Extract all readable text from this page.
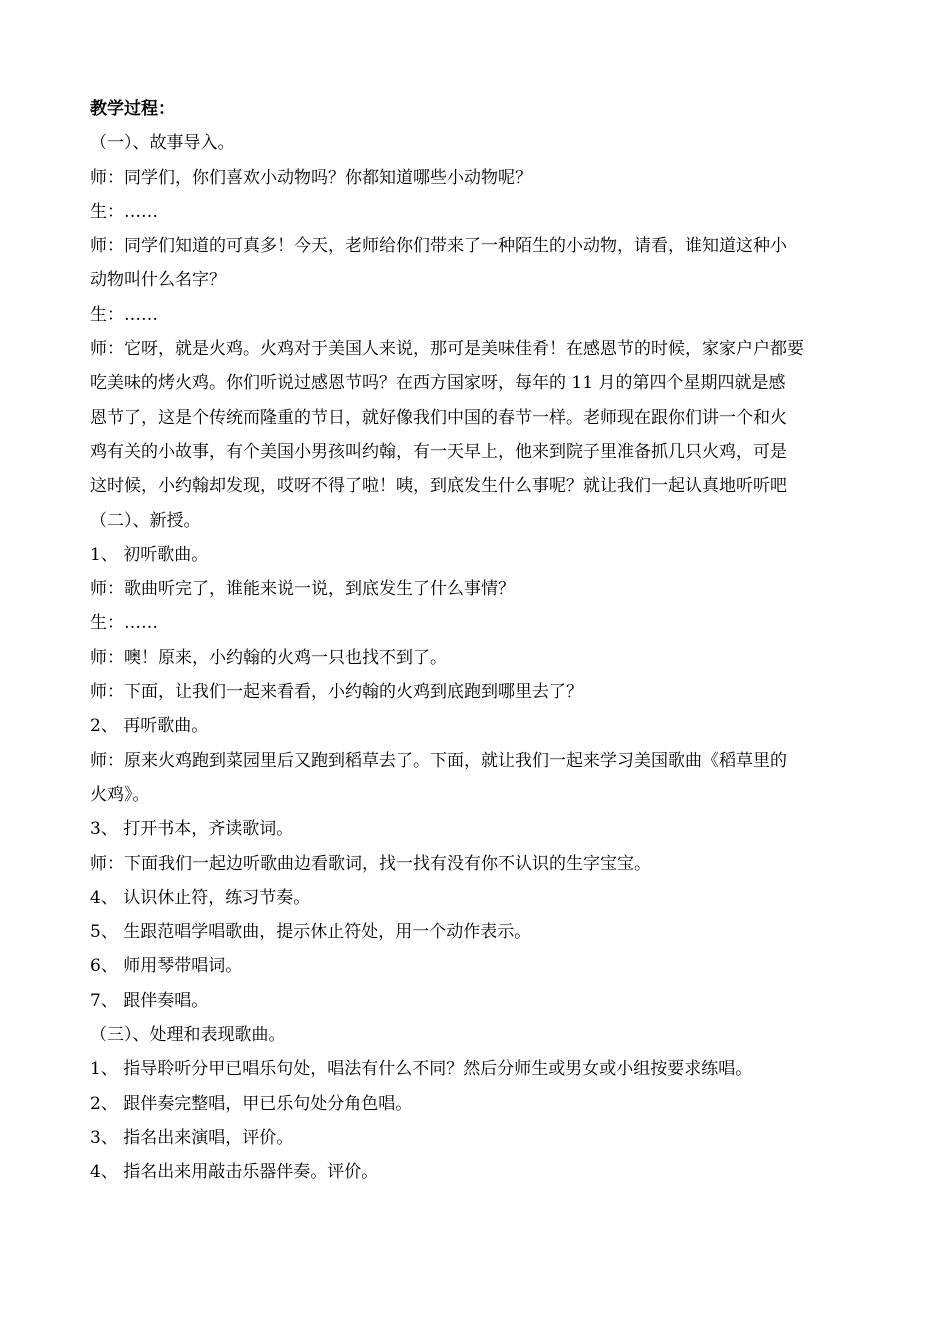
教学过程：
（一）、故事导入。
师：同学们，你们喜欢小动物吗？你都知道哪些小动物呢？
生：……
师：同学们知道的可真多！今天，老师给你们带来了一种陌生的小动物，请看，谁知道这种小
动物叫什么名字？
生：……
师：它呀，就是火鸡。火鸡对于美国人来说，那可是美味佳肴！在感恩节的时候，家家户户都要
吃美味的烤火鸡。你们听说过感恩节吗？在西方国家呀，每年的 11 月的第四个星期四就是感
恩节了，这是个传统而隆重的节日，就好像我们中国的春节一样。老师现在跟你们讲一个和火
鸡有关的小故事，有个美国小男孩叫约翰，有一天早上，他来到院子里准备抓几只火鸡，可是
这时候，小约翰却发现，哎呀不得了啦！咦，到底发生什么事呢？就让我们一起认真地听听吧
（二）、新授。
1、 初听歌曲。
师：歌曲听完了，谁能来说一说，到底发生了什么事情？
生：……
师：噢！原来，小约翰的火鸡一只也找不到了。
师：下面，让我们一起来看看，小约翰的火鸡到底跑到哪里去了？
2、 再听歌曲。
师：原来火鸡跑到菜园里后又跑到稻草去了。下面，就让我们一起来学习美国歌曲《稻草里的
火鸡》。
3、 打开书本，齐读歌词。
师：下面我们一起边听歌曲边看歌词，找一找有没有你不认识的生字宝宝。
4、 认识休止符，练习节奏。
5、 生跟范唱学唱歌曲，提示休止符处，用一个动作表示。
6、 师用琴带唱词。
7、 跟伴奏唱。
（三）、处理和表现歌曲。
1、 指导聆听分甲已唱乐句处，唱法有什么不同？然后分师生或男女或小组按要求练唱。
2、 跟伴奏完整唱，甲已乐句处分角色唱。
3、 指名出来演唱，评价。
4、 指名出来用敲击乐器伴奏。评价。
